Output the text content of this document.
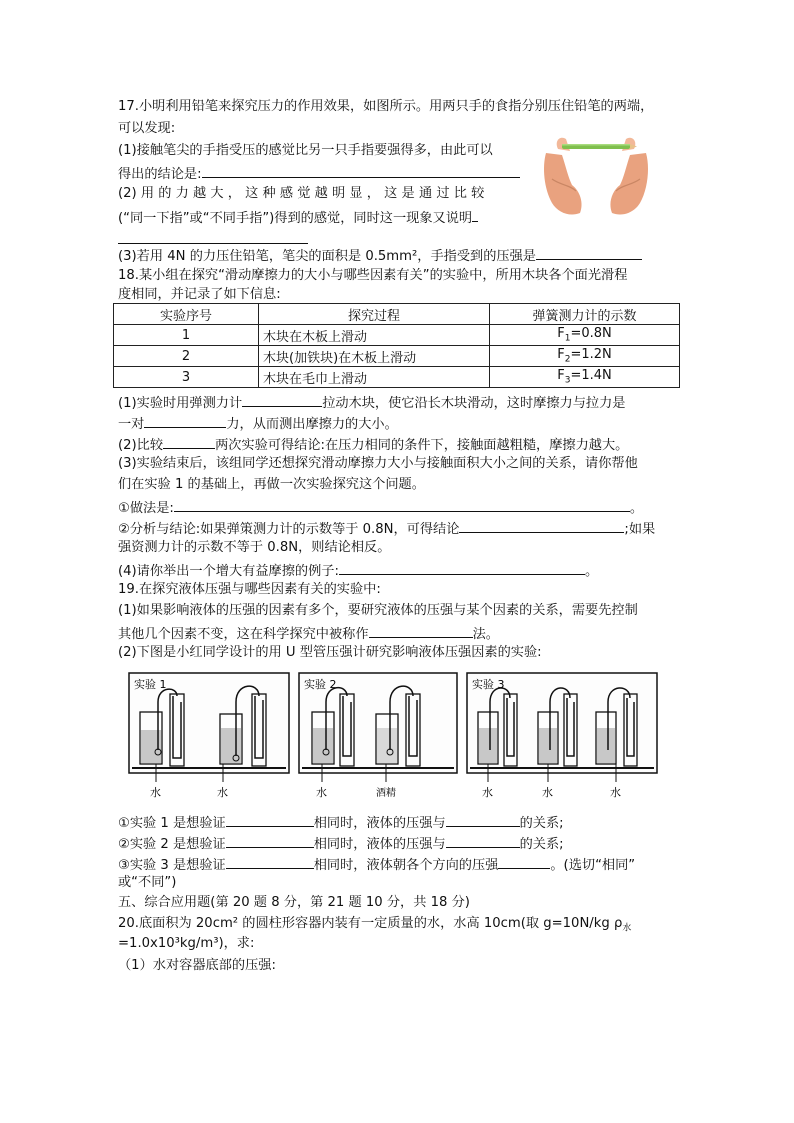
17.小明利用铅笔来探究压力的作用效果，如图所示。用两只手的食指分别压住铅笔的两端，
可以发现:
(1)接触笔尖的手指受压的感觉比另一只手指要强得多，由此可以
得出的结论是:
(2) 用 的 力 越 大 ， 这 种 感 觉 越 明 显 ， 这 是 通 过 比 较
(“同一下指”或“不同手指”)得到的感觉，同时这一现象又说明
(3)若用 4N 的力压住铅笔，笔尖的面积是 0.5mm²，手指受到的压强是
18.某小组在探究“滑动摩擦力的大小与哪些因素有关”的实验中，所用木块各个面光滑程
度相同，并记录了如下信息:
实验序号	探究过程	弹簧测力计的示数
1	木块在木板上滑动	$F_1=0.8N$
2	木块(加铁块)在木板上滑动	$F_2=1.2N$
3	木块在毛巾上滑动	$F_3=1.4N$
(1)实验时用弹测力计	拉动木块，使它沿长木块滑动，这时摩擦力与拉力是
一对	力，从而测出摩擦力的大小。
(2)比较	两次实验可得结论:在压力相同的条件下，接触面越粗糙，摩擦力越大。
(3)实验结束后，该组同学还想探究滑动摩擦力大小与接触面积大小之间的关系，请你帮他
们在实验 1 的基础上，再做一次实验探究这个问题。
①做法是:	。
②分析与结论:如果弹策测力计的示数等于 0.8N，可得结论	;如果
强资测力计的示数不等于 0.8N，则结论相反。
(4)请你举出一个增大有益摩擦的例子:	。
19.在探究液体压强与哪些因素有关的实验中:
(1)如果影响液体的压强的因素有多个，要研究液体的压强与某个因素的关系，需要先控制
其他几个因素不变，这在科学探究中被称作	法。
(2)下图是小红同学设计的用 U 型管压强计研究影响液体压强因素的实验:
实验 1
水	水
实验 2
水	酒精
实验 3
水	水	水
①实验 1 是想验证	相同时，液体的压强与	的关系;
②实验 2 是想验证	相同时，液体的压强与	的关系;
③实验 3 是想验证	相同时，液体朝各个方向的压强	。(选切“相同”
或“不同”)
五、综合应用题(第 20 题 8 分，第 21 题 10 分，共 18 分)
20.底面积为 20cm² 的圆柱形容器内装有一定质量的水，水高 10cm(取 g=10N/kg $\rho_水$
=1.0x10³kg/m³)，求:
（1）水对容器底部的压强:
